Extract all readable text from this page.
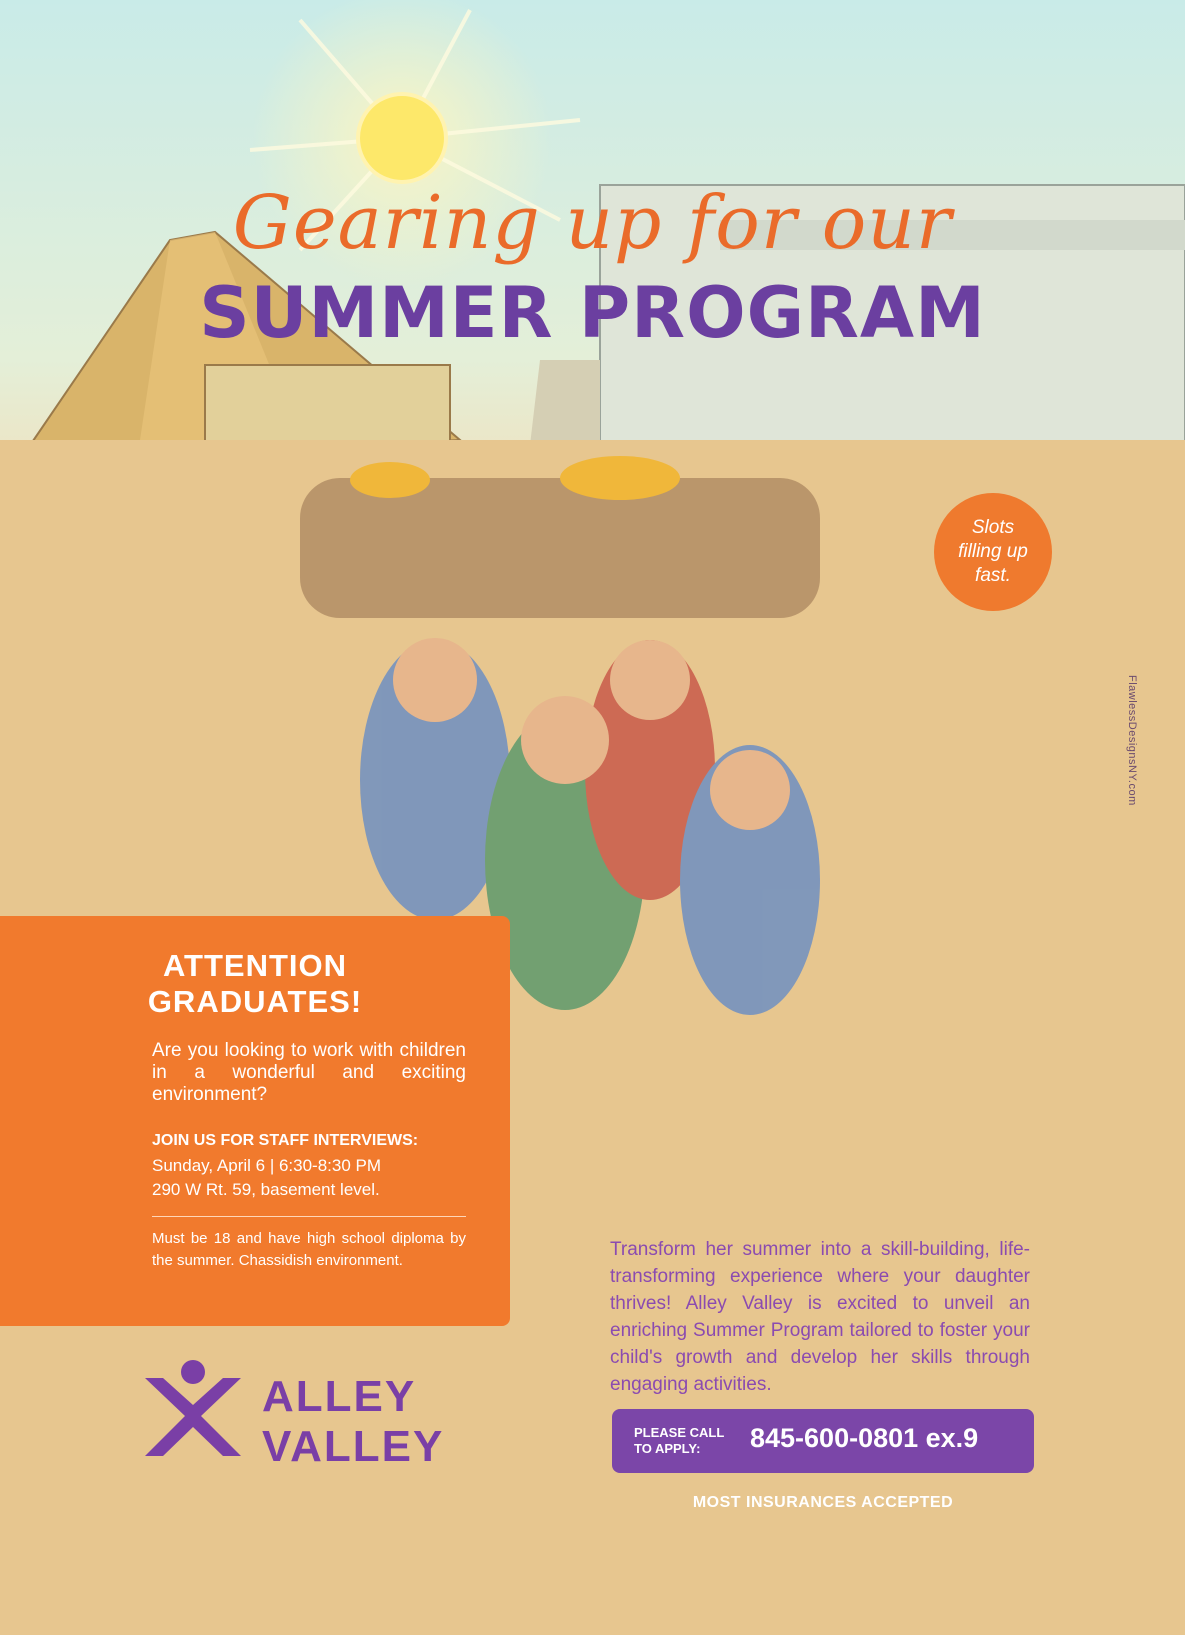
Gearing up for our
SUMMER PROGRAM
Slots filling up fast.
FlawlessDesignsNY.com
ATTENTION GRADUATES!
Are you looking to work with children in a wonderful and exciting environment?
JOIN US FOR STAFF INTERVIEWS:
Sunday, April 6 | 6:30-8:30 PM
290 W Rt. 59, basement level.
Must be 18 and have high school diploma by the summer. Chassidish environment.
ALLEY
VALLEY
Transform her summer into a skill-building, life-transforming experience where your daughter thrives! Alley Valley is excited to unveil an enriching Summer Program tailored to foster your child's growth and develop her skills through engaging activities.
PLEASE CALL TO APPLY:	845-600-0801 ex.9
MOST INSURANCES ACCEPTED
